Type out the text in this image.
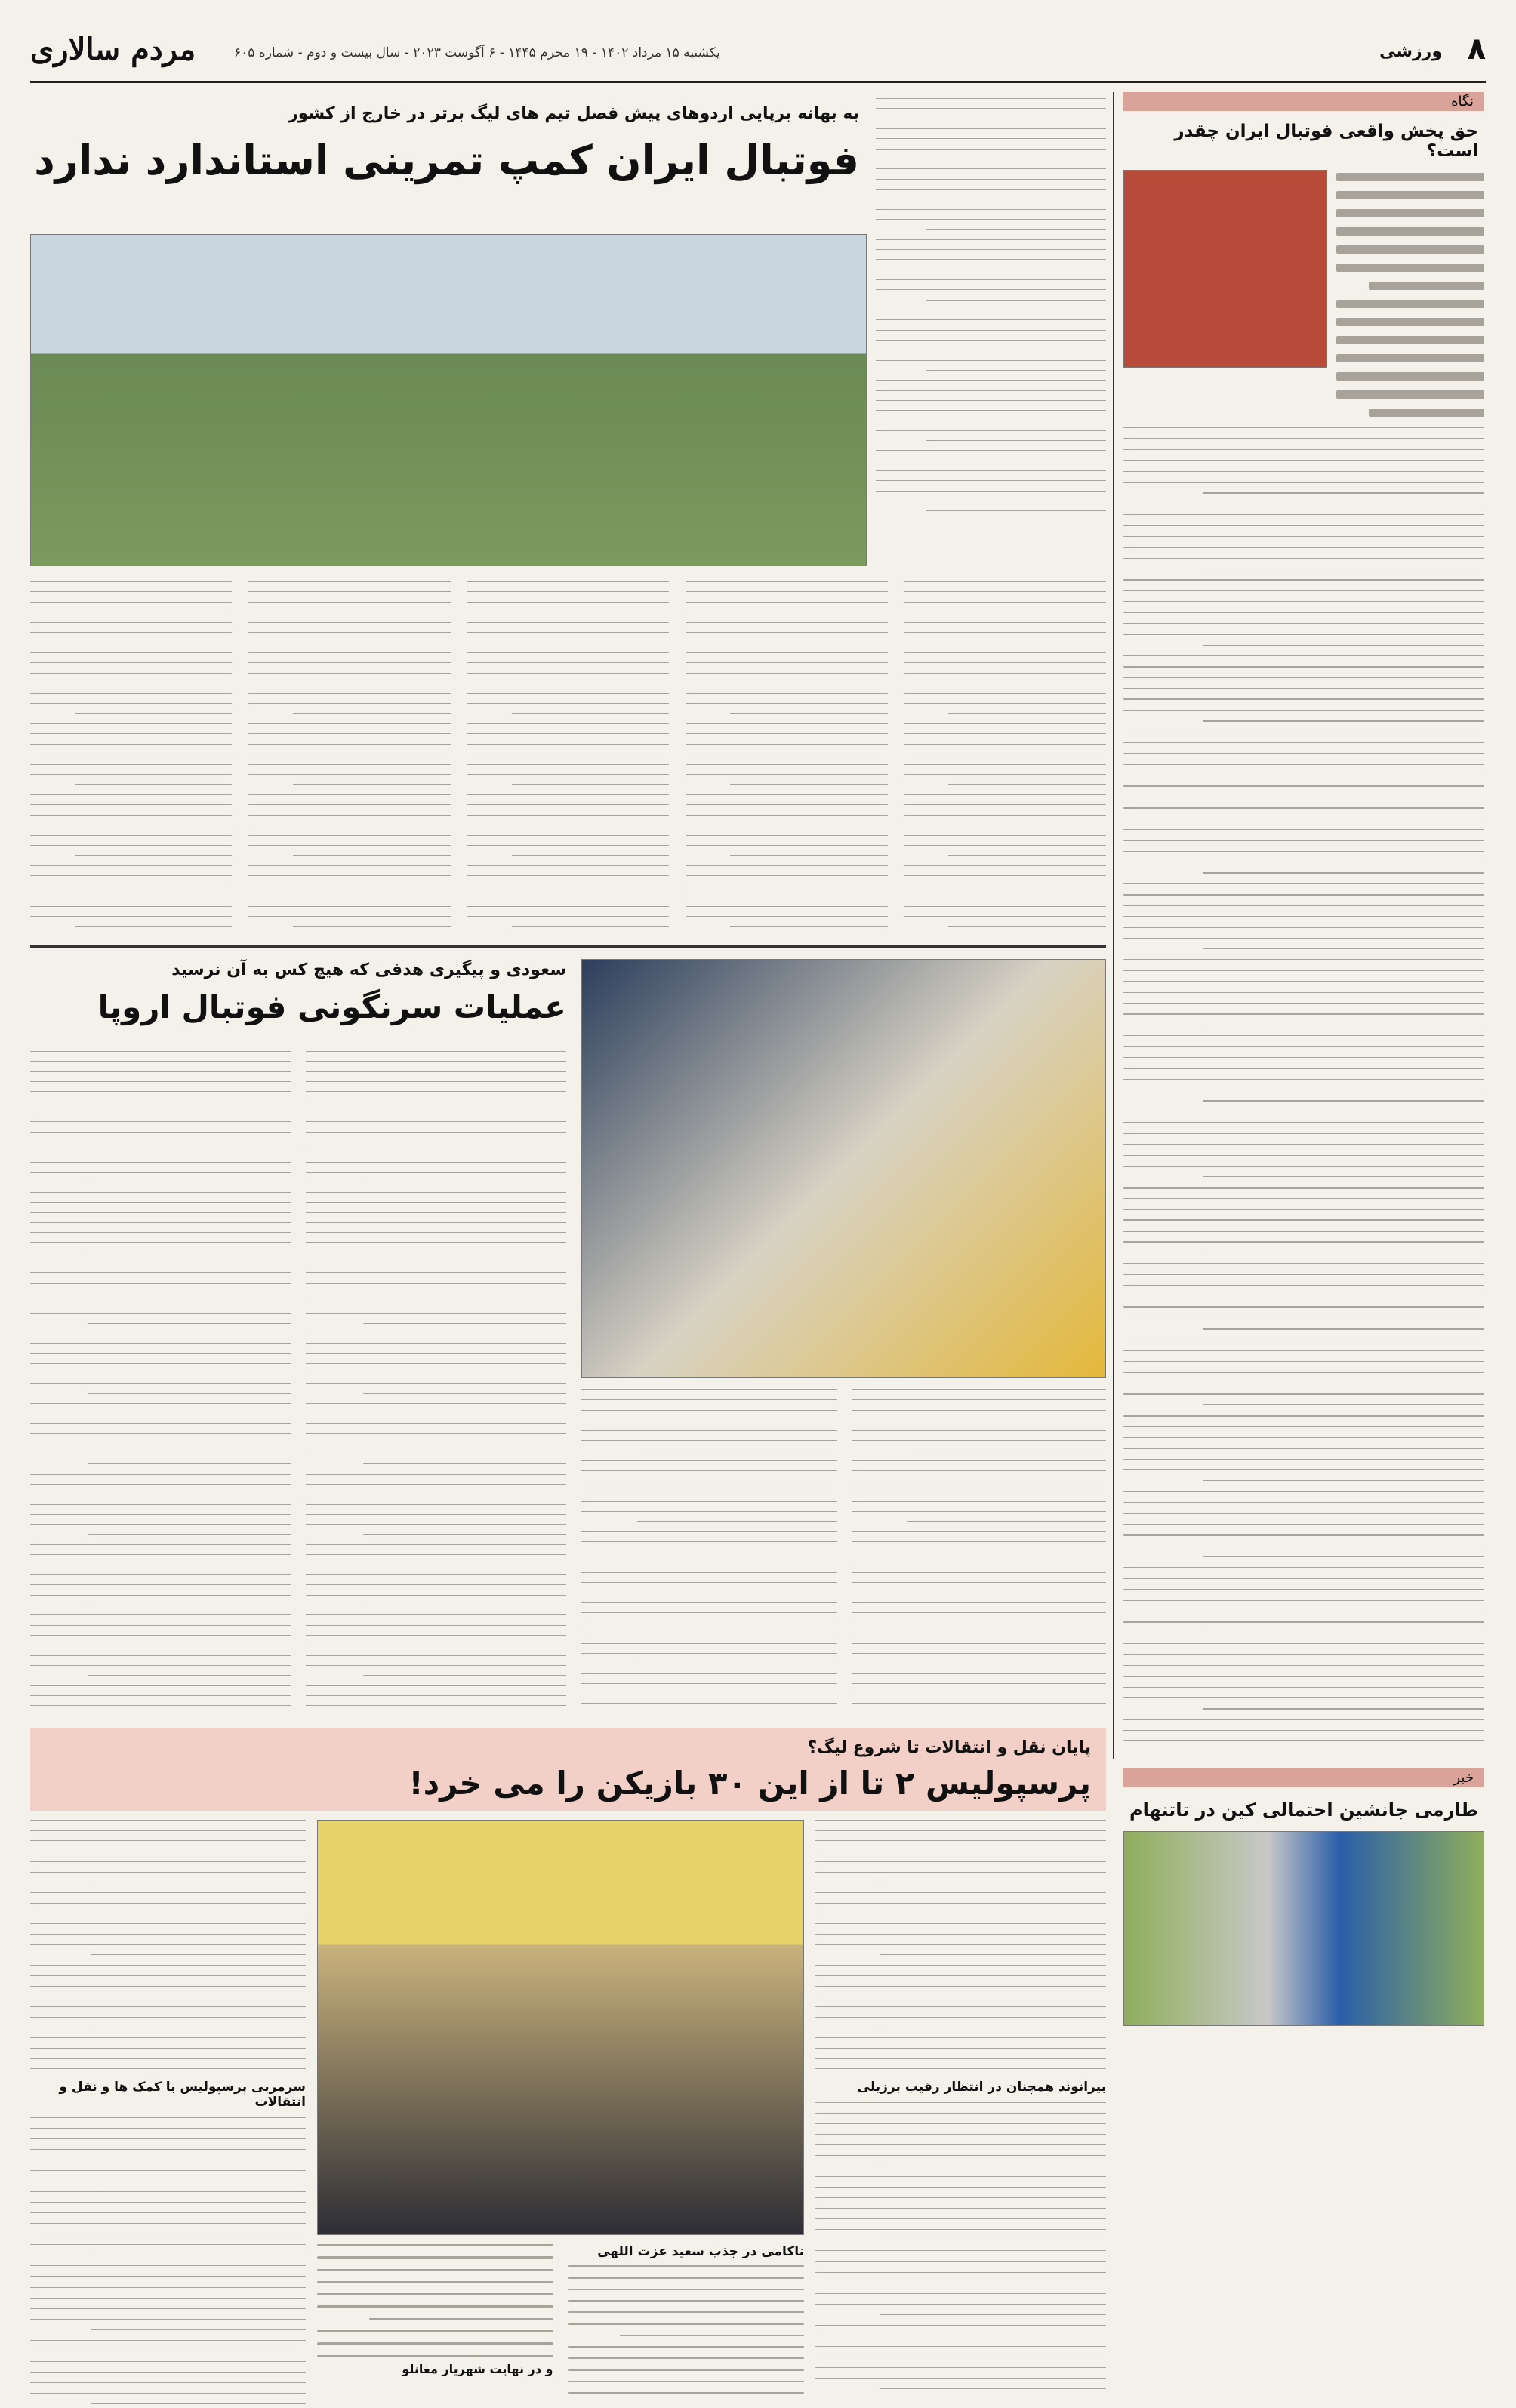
مردم سالاری	یکشنبه ۱۵ مرداد ۱۴۰۲ - ۱۹ محرم ۱۴۴۵ - ۶ آگوست ۲۰۲۳ - سال بیست و دوم - شماره ۶۰۵	ورزشی ۸
نگاه
حق پخش واقعی فوتبال ایران چقدر است؟
به بهانه برپایی اردوهای پیش فصل تیم های لیگ برتر در خارج از کشور
فوتبال ایران کمپ تمرینی استاندارد ندارد
سعودی و پیگیری هدفی که هیچ کس به آن نرسید
عملیات سرنگونی فوتبال اروپا
پایان نقل و انتقالات تا شروع لیگ؟
پرسپولیس ۲ تا از این ۳۰ بازیکن را می خرد!
بیرانوند همچنان در انتظار رقیب برزیلی
ناکامی در جذب سعید عزت اللهی
و در نهایت شهریار مغانلو
سرمربی پرسپولیس با کمک ها و نقل و انتقالات
خبر
طارمی جانشین احتمالی کین در تاتنهام
